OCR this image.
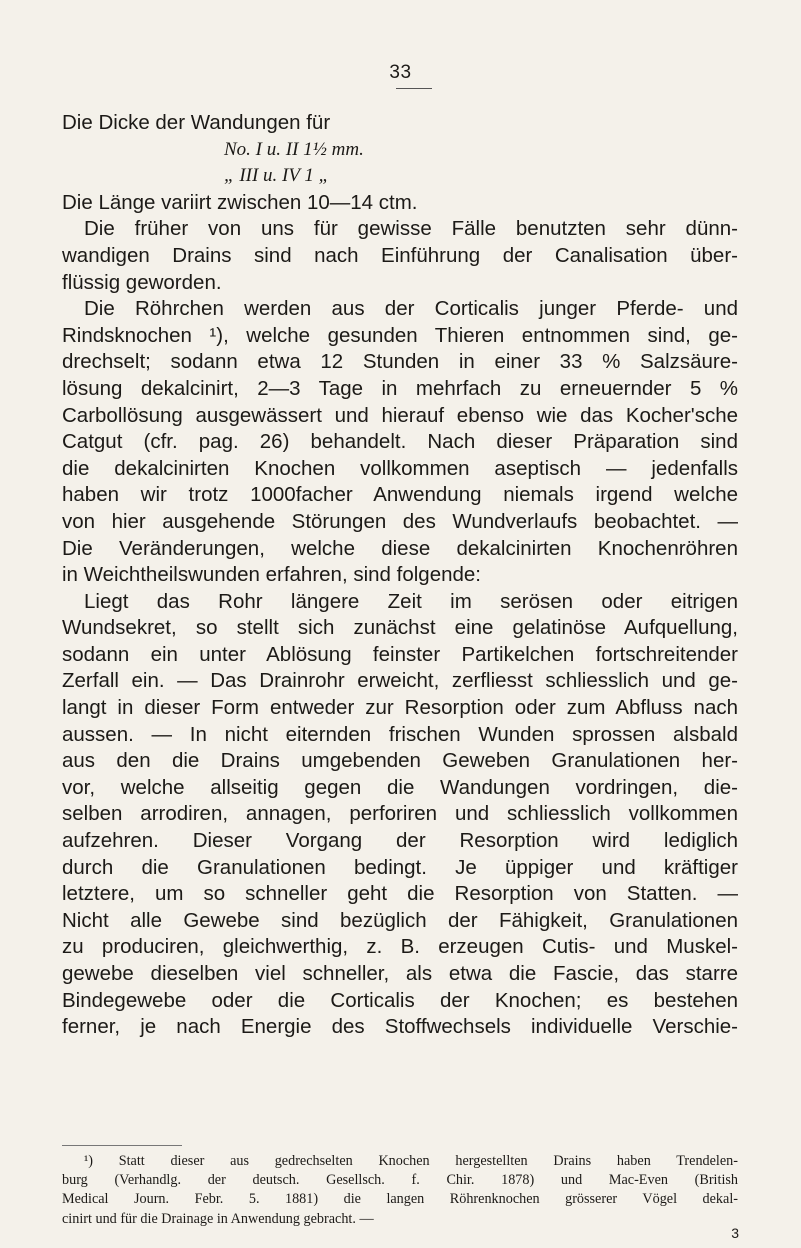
33
Die Dicke der Wandungen für
No. I u. II 1½ mm.
„ III u. IV 1 „
Die Länge variirt zwischen 10—14 ctm.
Die früher von uns für gewisse Fälle benutzten sehr dünn-
wandigen Drains sind nach Einführung der Canalisation über-
flüssig geworden.
Die Röhrchen werden aus der Corticalis junger Pferde- und
Rindsknochen ¹), welche gesunden Thieren entnommen sind, ge-
drechselt; sodann etwa 12 Stunden in einer 33 % Salzsäure-
lösung dekalcinirt, 2—3 Tage in mehrfach zu erneuernder 5 %
Carbollösung ausgewässert und hierauf ebenso wie das Kocher'sche
Catgut (cfr. pag. 26) behandelt. Nach dieser Präparation sind
die dekalcinirten Knochen vollkommen aseptisch — jedenfalls
haben wir trotz 1000facher Anwendung niemals irgend welche
von hier ausgehende Störungen des Wundverlaufs beobachtet. —
Die Veränderungen, welche diese dekalcinirten Knochenröhren
in Weichtheilswunden erfahren, sind folgende:
Liegt das Rohr längere Zeit im serösen oder eitrigen
Wundsekret, so stellt sich zunächst eine gelatinöse Aufquellung,
sodann ein unter Ablösung feinster Partikelchen fortschreitender
Zerfall ein. — Das Drainrohr erweicht, zerfliesst schliesslich und ge-
langt in dieser Form entweder zur Resorption oder zum Abfluss nach
aussen. — In nicht eiternden frischen Wunden sprossen alsbald
aus den die Drains umgebenden Geweben Granulationen her-
vor, welche allseitig gegen die Wandungen vordringen, die-
selben arrodiren, annagen, perforiren und schliesslich vollkommen
aufzehren. Dieser Vorgang der Resorption wird lediglich
durch die Granulationen bedingt. Je üppiger und kräftiger
letztere, um so schneller geht die Resorption von Statten. —
Nicht alle Gewebe sind bezüglich der Fähigkeit, Granulationen
zu produciren, gleichwerthig, z. B. erzeugen Cutis- und Muskel-
gewebe dieselben viel schneller, als etwa die Fascie, das starre
Bindegewebe oder die Corticalis der Knochen; es bestehen
ferner, je nach Energie des Stoffwechsels individuelle Verschie-
¹) Statt dieser aus gedrechselten Knochen hergestellten Drains haben Trendelen-
burg (Verhandlg. der deutsch. Gesellsch. f. Chir. 1878) und Mac-Even (British
Medical Journ. Febr. 5. 1881) die langen Röhrenknochen grösserer Vögel dekal-
cinirt und für die Drainage in Anwendung gebracht. —
3
